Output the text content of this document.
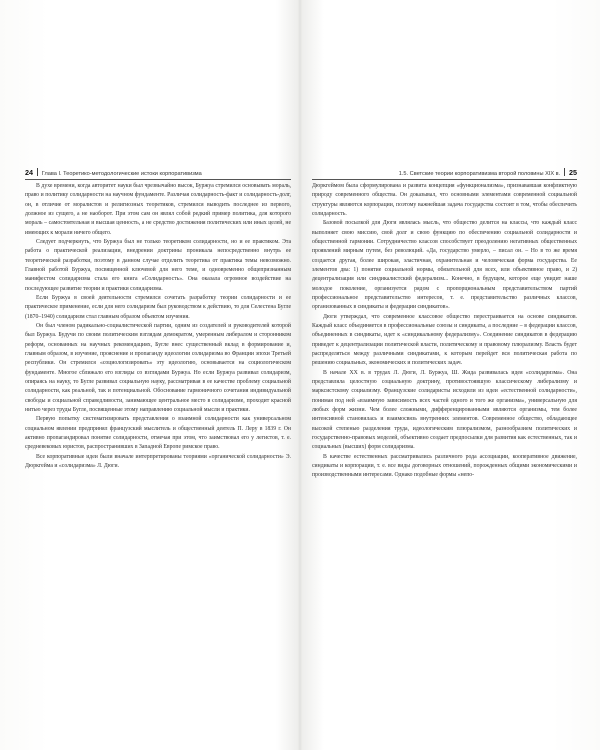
24 Глава I. Теоретико-методологические истоки корпоративизма

В духе времени, когда авторитет науки был чрезвычайно высок, Буржуа стремился основывать мораль, право и политику солидарности на научном фундаменте. Различая солидарность-факт и солидарность-долг, он, в отличие от моралистов и религиозных теоретиков, стремился выводить последнее из первого, должное из сущего, а не наоборот. При этом сам он являл собой редкий пример политика, для которого мораль – самостоятельная и высшая ценность, а не средство достижения политических или иных целей, не имеющих к морали ничего общего.

Следует подчеркнуть, что Буржуа был не только теоретиком солидарности, но и ее практиком. Эта работа о практической реализации, внедрении доктрины проникала непосредственно внутрь ее теоретической разработки, поэтому в данном случае отделить теоретика от практика темы невозможно. Главной работой Буржуа, посвященной ключевой для него теме, и одновременно общепризнанным манифестом солидаризма стала его книга «Солидарность». Она оказала огромное воздействие на последующее развитие теории и практики солидаризма.

Если Буржуа в своей деятельности стремился сочетать разработку теории солидарности и ее практическое применение, если для него солидаризм был руководством к действию, то для Селестена Бугле (1870–1940) солидаризм стал главным образом объектом изучения.

Он был членом радикально-социалистической партии, одним из создателей и руководителей которой был Буржуа. Будучи по своим политическим взглядам демократом, умеренным либералом и сторонником реформ, основанных на научных рекомендациях, Бугле внес существенный вклад в формирование и, главным образом, в изучение, прояснение и пропаганду идеологии солидаризма во Франции эпохи Третьей республики. Он стремился «социологизировать» эту идеологию, основывается на социологическом фундаменте. Многое сближало его взгляды со взглядами Буржуа. Но если Буржуа развивал солидаризм, опираясь на науку, то Бугле развивал социальную науку, рассматривая в ее качестве проблему социальной солидарности, как реальной, так и потенциальной. Обоснование гармоничного сочетания индивидуальной свободы и социальной справедливости, занимающее центральное место в солидаризме, проходит красной нитью через труды Бугле, посвященные этому направлению социальной мысли и практики.

Первую попытку систематизировать представления о взаимной солидарности как универсальном социальном явлении предпринял французский мыслитель и общественный деятель П. Леру в 1839 г. Он активно пропагандировал понятие солидарности, отмечая при этом, что заимствовал его у легистов, т. е. средневековых юристов, распространивших в Западной Европе римское право.

Все корпоративные идеи были вначале интерпретированы теориями «органической солидарности» Э. Дюркгейма и «солидаризма» Л. Дюги.

1.5. Светские теории корпоративизма второй половины XIX в. 25

Дюркгеймом была сформулирована и развита концепция «функционализма», признававшая конфликтную природу современного общества. Он доказывал, что основными элементами современной социальной структуры являются корпорации, поэтому важнейшая задача государства состоит в том, чтобы обеспечить солидарность.

Базовой посылкой для Дюги являлась мысль, что общество делится на классы, что каждый класс выполняет свою миссию, свой долг и свою функцию по обеспечению социальной солидарности и общественной гармонии. Сотрудничество классов способствует преодолению негативных общественных проявлений мирным путем, без революций. «Да, государство умерло, – писал он. – Но в то же время создается другая, более широкая, эластичная, охранительная и человеческая форма государства. Ее элементов два: 1) понятие социальной нормы, обязательной для всех, или объективное право, и 2) децентрализация или синдикалистский федерализм... Конечно, в будущем, которое еще увидит наше молодое поколение, организуется рядом с пропорциональным представительством партий профессиональное представительство интересов, т. е. представительство различных классов, организованных в синдикаты и федерации синдикатов».

Дюги утверждал, что современное классовое общество перестраивается на основе синдикатов. Каждый класс объединяется в профессиональные союзы и синдикаты, а последние – в федерации классов, объединенных в синдикаты, идет к «синдикальному федерализму». Соединение синдикатов в федерацию приведет к децентрализации политической власти, политическому и правовому плюрализму. Власть будет распределяться между различными синдикатами, к которым перейдет вся политическая работа по решению социальных, экономических и политических задач.

В начале XX в. в трудах Л. Дюги, Л. Буржуа, Ш. Жида развивалась идея «солидаризма». Она представляла целостную социальную доктрину, противостоявшую классическому либерализму и марксистскому социализму. Французские солидаристы исходили из идеи «естественной солидарности», понимая под ней «взаимную зависимость всех частей одного и того же организма», универсальную для любых форм жизни. Чем более сложными, дифференцированными являются организмы, тем более интенсивной становилась и взаимосвязь внутренних элементов. Современное общество, обладающее высокой степенью разделения труда, идеологическим плюрализмом, разнообразием политических и государственно-правовых моделей, объективно создает предпосылки для развития как естественных, так и социальных (высших) форм солидаризма.

В качестве естественных рассматривались различного рода ассоциации, кооперативное движение, синдикаты и корпорации, т. е. все виды договорных отношений, порожденных общими экономическими и производственными интересами. Однако подобные формы «непо-
